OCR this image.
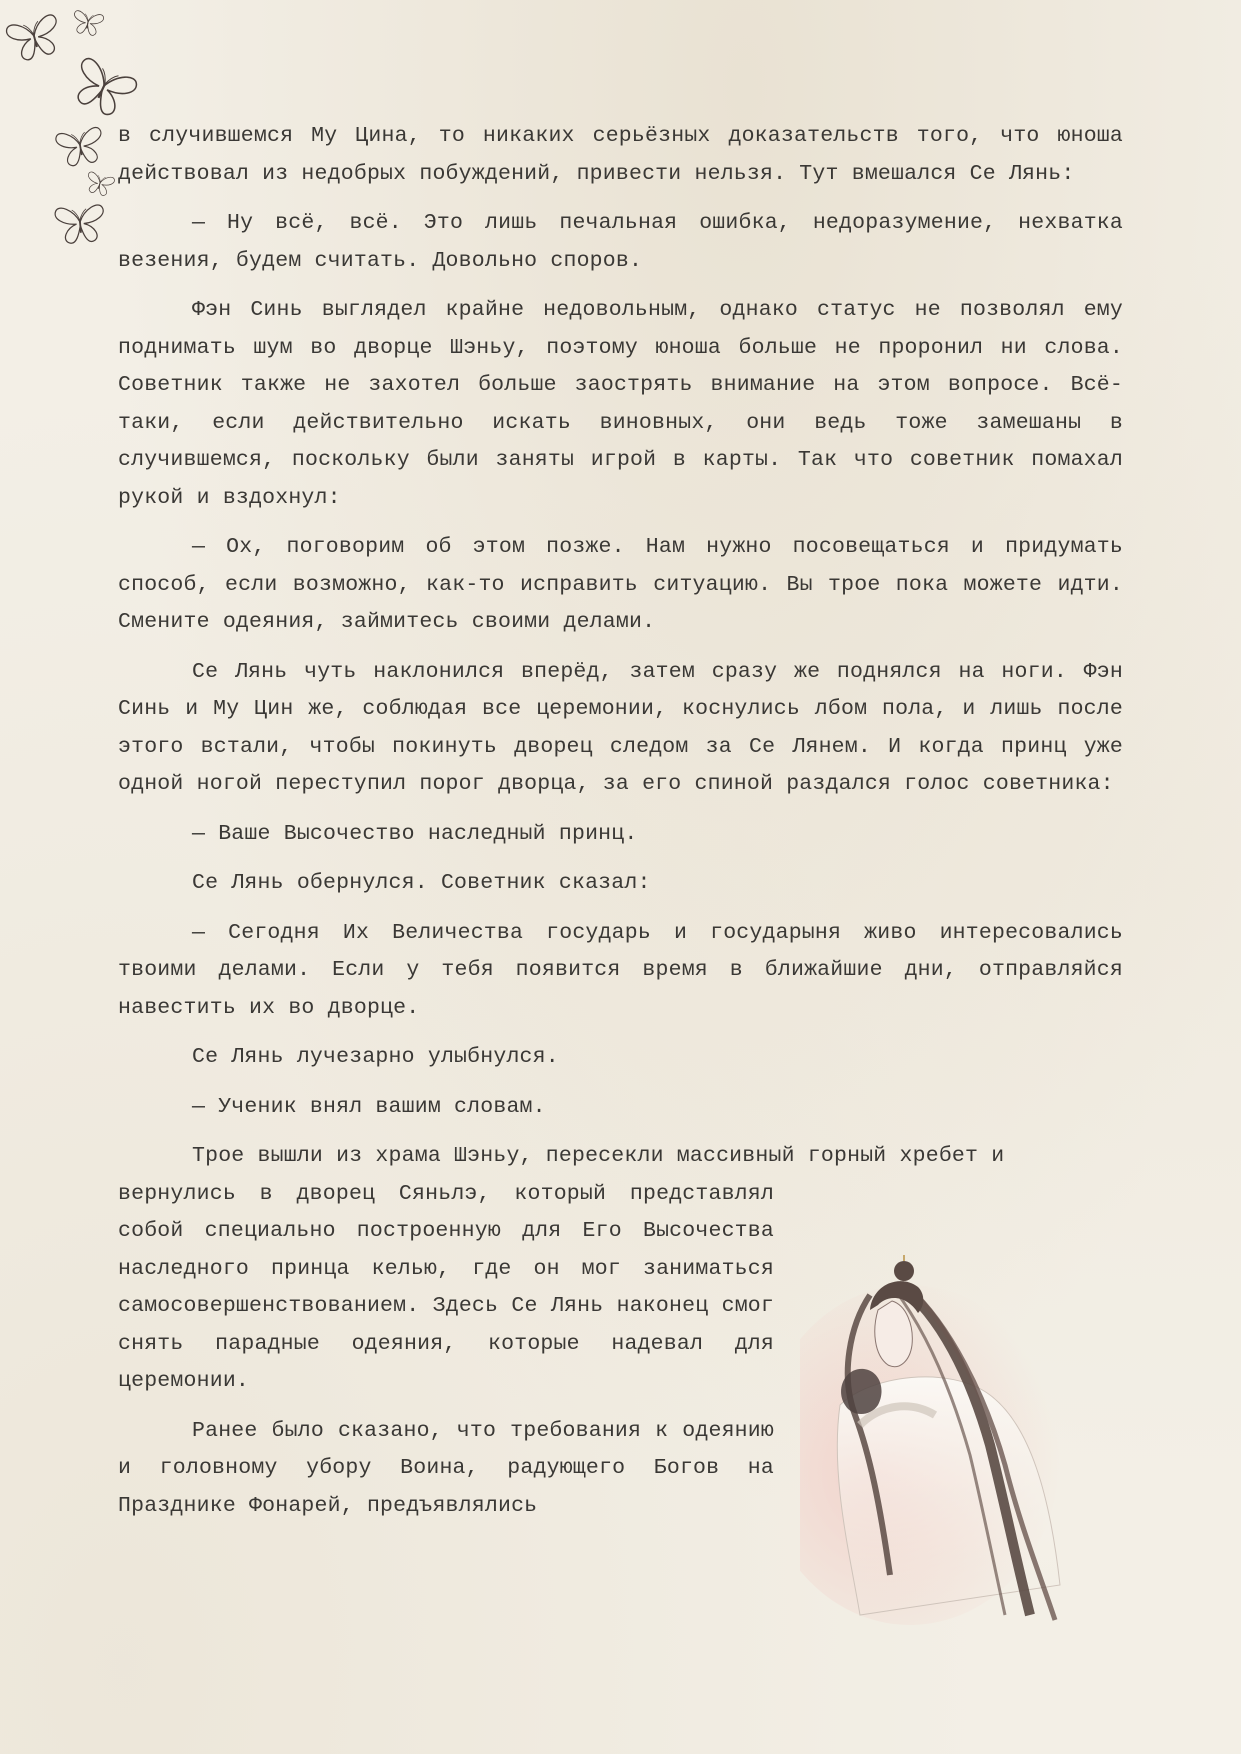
в случившемся Му Цина, то никаких серьёзных доказательств того, что юноша действовал из недобрых побуждений, привести нельзя. Тут вмешался Се Лянь:

— Ну всё, всё. Это лишь печальная ошибка, недоразумение, нехватка везения, будем считать. Довольно споров.

Фэн Синь выглядел крайне недовольным, однако статус не позволял ему поднимать шум во дворце Шэньу, поэтому юноша больше не проронил ни слова. Советник также не захотел больше заострять внимание на этом вопросе. Всё-таки, если действительно искать виновных, они ведь тоже замешаны в случившемся, поскольку были заняты игрой в карты. Так что советник помахал рукой и вздохнул:

— Ох, поговорим об этом позже. Нам нужно посовещаться и придумать способ, если возможно, как-то исправить ситуацию. Вы трое пока можете идти. Смените одеяния, займитесь своими делами.

Се Лянь чуть наклонился вперёд, затем сразу же поднялся на ноги. Фэн Синь и Му Цин же, соблюдая все церемонии, коснулись лбом пола, и лишь после этого встали, чтобы покинуть дворец следом за Се Лянем. И когда принц уже одной ногой переступил порог дворца, за его спиной раздался голос советника:

— Ваше Высочество наследный принц.

Се Лянь обернулся. Советник сказал:

— Сегодня Их Величества государь и государыня живо интересовались твоими делами. Если у тебя появится время в ближайшие дни, отправляйся навестить их во дворце.

Се Лянь лучезарно улыбнулся.

— Ученик внял вашим словам.

Трое вышли из храма Шэньу, пересекли массивный горный хребет и

вернулись в дворец Сяньлэ, который представлял собой специально построенную для Его Высочества наследного принца келью, где он мог заниматься самосовершенствованием. Здесь Се Лянь наконец смог снять парадные одеяния, которые надевал для церемонии.

Ранее было сказано, что требования к одеянию и головному убору Воина, радующего Богов на Празднике Фонарей, предъявлялись
